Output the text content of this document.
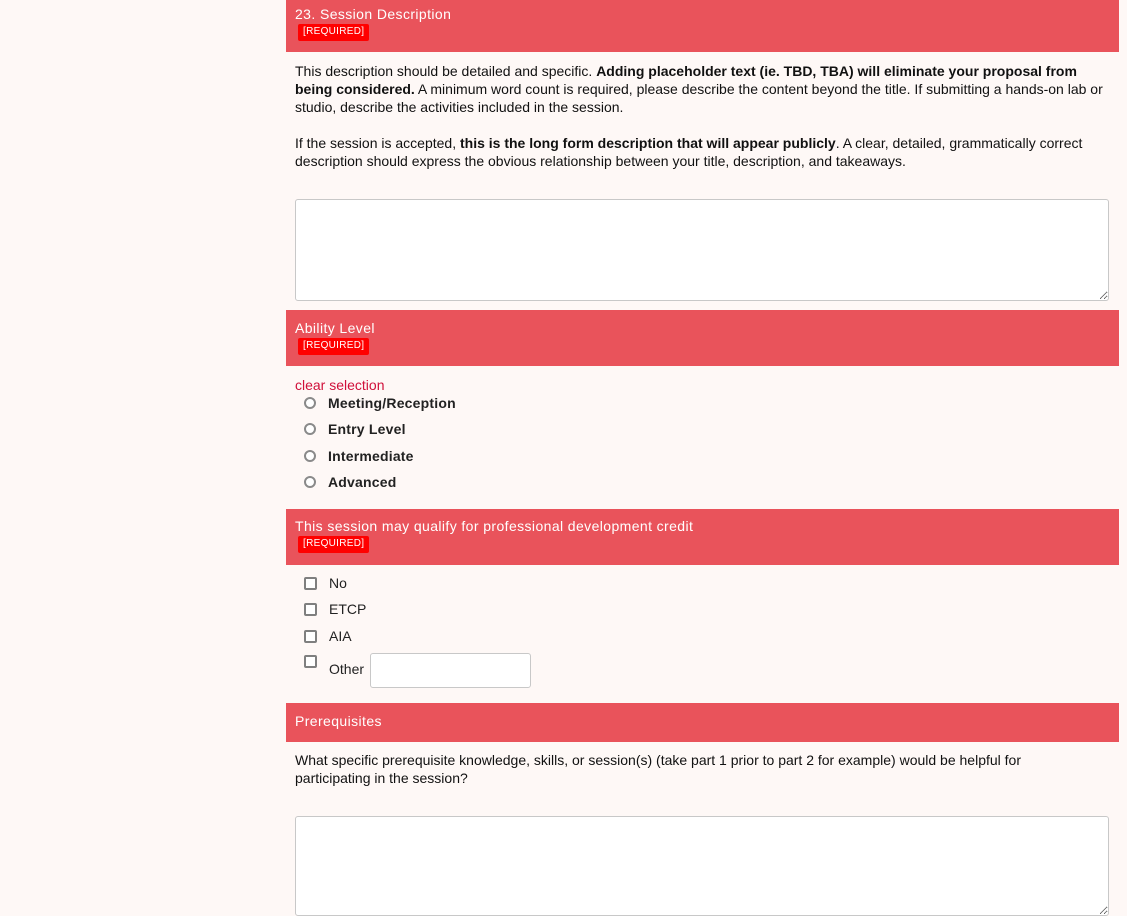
23. Session Description
[REQUIRED]

This description should be detailed and specific. Adding placeholder text (ie. TBD, TBA) will eliminate your proposal from being considered. A minimum word count is required, please describe the content beyond the title. If submitting a hands-on lab or studio, describe the activities included in the session.

If the session is accepted, this is the long form description that will appear publicly. A clear, detailed, grammatically correct description should express the obvious relationship between your title, description, and takeaways.

Ability Level
[REQUIRED]
clear selection
Meeting/Reception
Entry Level
Intermediate
Advanced
This session may qualify for professional development credit
[REQUIRED]
No
ETCP
AIA
Other
Prerequisites

What specific prerequisite knowledge, skills, or session(s) (take part 1 prior to part 2 for example) would be helpful for participating in the session?
